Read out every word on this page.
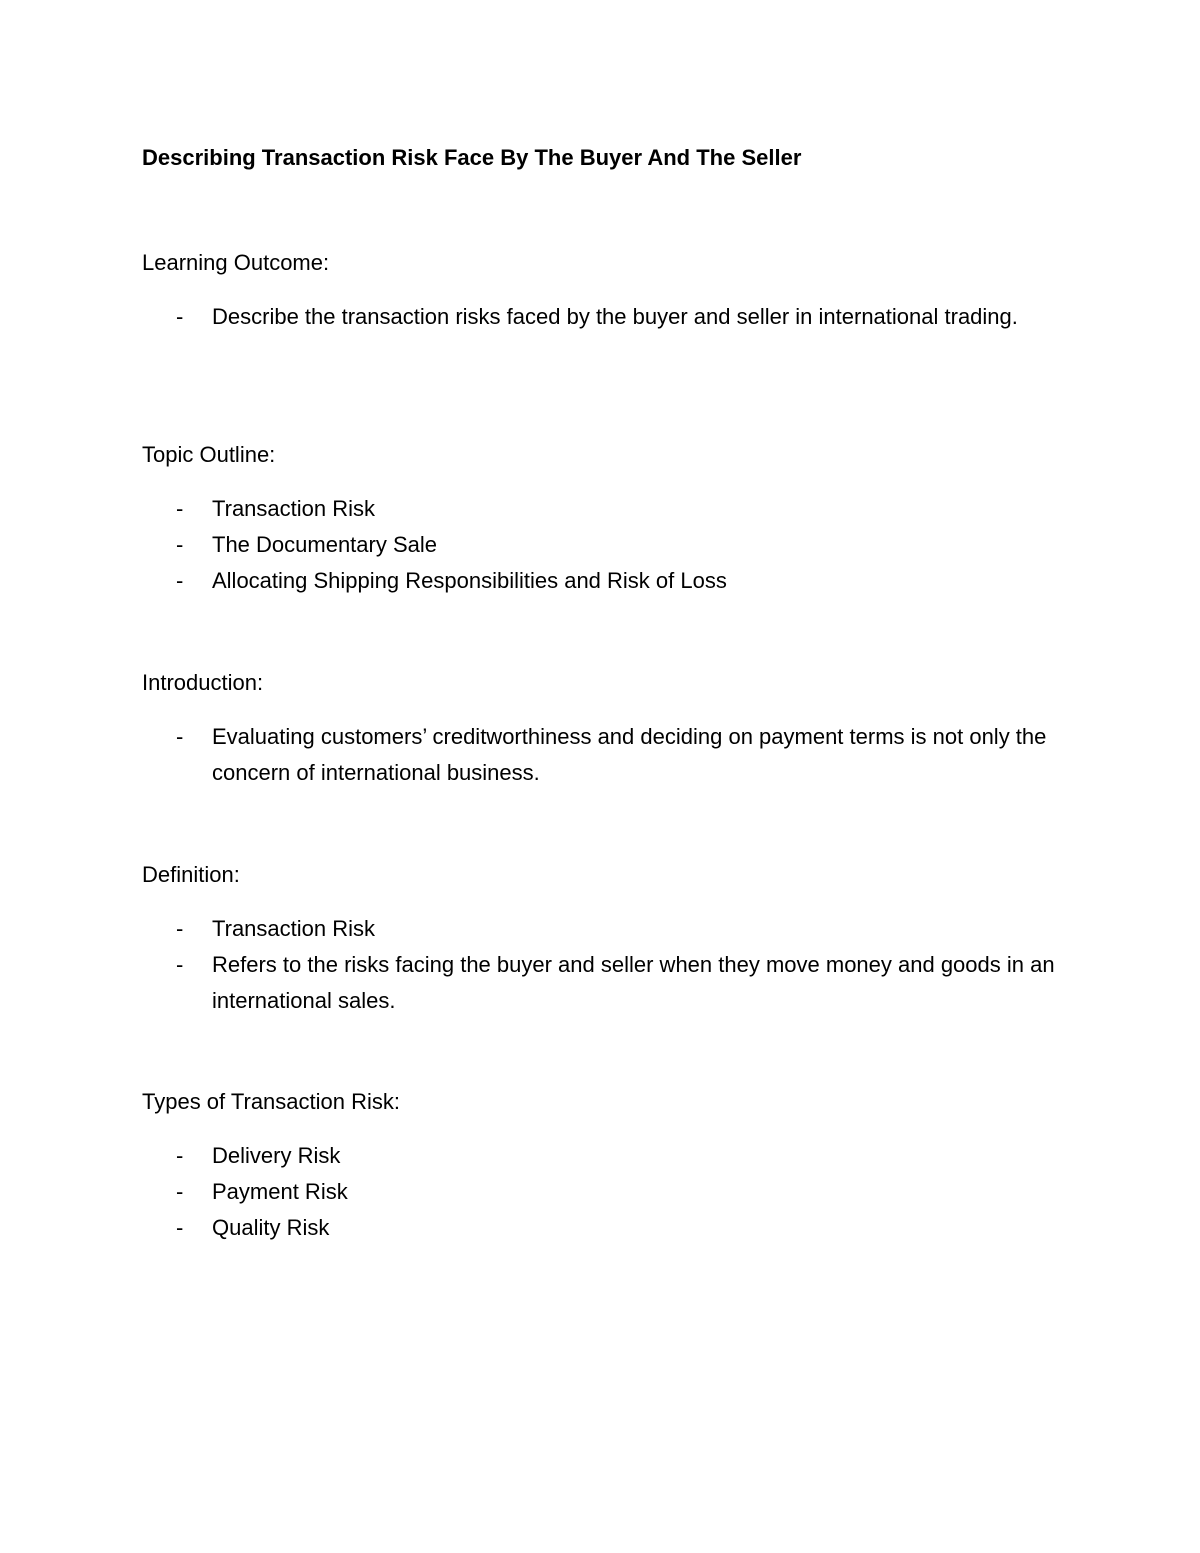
Describing Transaction Risk Face By The Buyer And The Seller
Learning Outcome:
- Describe the transaction risks faced by the buyer and seller in international trading.
Topic Outline:
- Transaction Risk
- The Documentary Sale
- Allocating Shipping Responsibilities and Risk of Loss
Introduction:
- Evaluating customers’ creditworthiness and deciding on payment terms is not only the concern of international business.
Definition:
- Transaction Risk
- Refers to the risks facing the buyer and seller when they move money and goods in an international sales.
Types of Transaction Risk:
- Delivery Risk
- Payment Risk
- Quality Risk
